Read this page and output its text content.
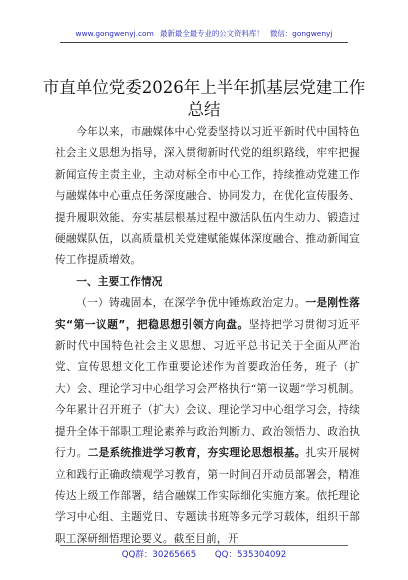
www.gongwenyj.com 最新最全最专业的公文资料库！ 微信：gongwenyj
市直单位党委2026年上半年抓基层党建工作
总结

今年以来，市融媒体中心党委坚持以习近平新时代中国特色社会主义思想为指导，深入贯彻新时代党的组织路线，牢牢把握新闻宣传主责主业，主动对标全市中心工作，持续推动党建工作与融媒体中心重点任务深度融合、协同发力，在优化宣传服务、提升履职效能、夯实基层根基过程中激活队伍内生动力、锻造过硬融媒队伍，以高质量机关党建赋能媒体深度融合、推动新闻宣传工作提质增效。

一、主要工作情况

（一）铸魂固本，在深学争优中锤炼政治定力。一是刚性落实“第一议题”，把稳思想引领方向盘。坚持把学习贯彻习近平新时代中国特色社会主义思想、习近平总书记关于全面从严治党、宣传思想文化工作重要论述作为首要政治任务，班子（扩大）会、理论学习中心组学习会严格执行“第一议题”学习机制。今年累计召开班子（扩大）会议、理论学习中心组学习会，持续提升全体干部职工理论素养与政治判断力、政治领悟力、政治执行力。二是系统推进学习教育，夯实理论思想根基。扎实开展树立和践行正确政绩观学习教育，第一时间召开动员部署会，精准传达上级工作部署，结合融媒工作实际细化实施方案。依托理论学习中心组、主题党日、专题读书班等多元学习载体，组织干部职工深研细悟理论要义。截至目前，开

QQ群：30265665 QQ：535304092
